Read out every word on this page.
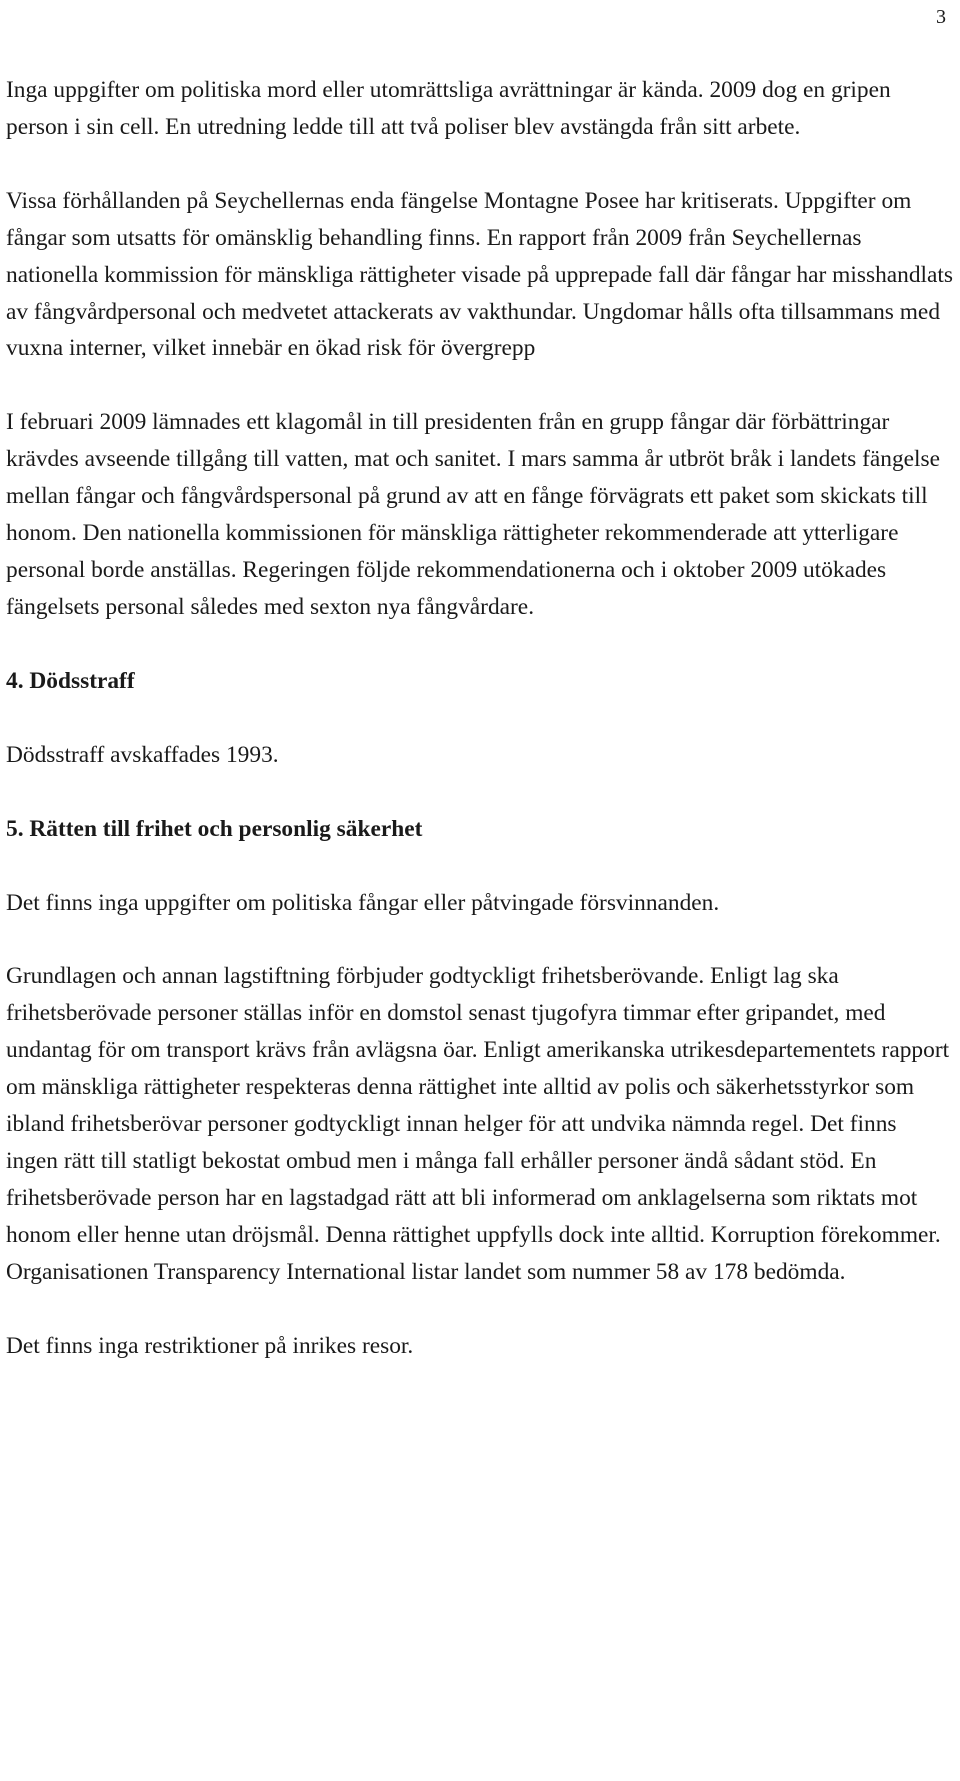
3

Inga uppgifter om politiska mord eller utomrättsliga avrättningar är kända. 2009 dog en gripen person i sin cell. En utredning ledde till att två poliser blev avstängda från sitt arbete.

Vissa förhållanden på Seychellernas enda fängelse Montagne Posee har kritiserats. Uppgifter om fångar som utsatts för omänsklig behandling finns. En rapport från 2009 från Seychellernas nationella kommission för mänskliga rättigheter visade på upprepade fall där fångar har misshandlats av fångvårdpersonal och medvetet attackerats av vakthundar. Ungdomar hålls ofta tillsammans med vuxna interner, vilket innebär en ökad risk för övergrepp

I februari 2009 lämnades ett klagomål in till presidenten från en grupp fångar där förbättringar krävdes avseende tillgång till vatten, mat och sanitet. I mars samma år utbröt bråk i landets fängelse mellan fångar och fångvårdspersonal på grund av att en fånge förvägrats ett paket som skickats till honom. Den nationella kommissionen för mänskliga rättigheter rekommenderade att ytterligare personal borde anställas. Regeringen följde rekommendationerna och i oktober 2009 utökades fängelsets personal således med sexton nya fångvårdare.

4. Dödsstraff

Dödsstraff avskaffades 1993.

5. Rätten till frihet och personlig säkerhet

Det finns inga uppgifter om politiska fångar eller påtvingade försvinnanden.

Grundlagen och annan lagstiftning förbjuder godtyckligt frihetsberövande. Enligt lag ska frihetsberövade personer ställas inför en domstol senast tjugofyra timmar efter gripandet, med undantag för om transport krävs från avlägsna öar. Enligt amerikanska utrikesdepartementets rapport om mänskliga rättigheter respekteras denna rättighet inte alltid av polis och säkerhetsstyrkor som ibland frihetsberövar personer godtyckligt innan helger för att undvika nämnda regel. Det finns ingen rätt till statligt bekostat ombud men i många fall erhåller personer ändå sådant stöd. En frihetsberövade person har en lagstadgad rätt att bli informerad om anklagelserna som riktats mot honom eller henne utan dröjsmål. Denna rättighet uppfylls dock inte alltid. Korruption förekommer. Organisationen Transparency International listar landet som nummer 58 av 178 bedömda.

Det finns inga restriktioner på inrikes resor.
